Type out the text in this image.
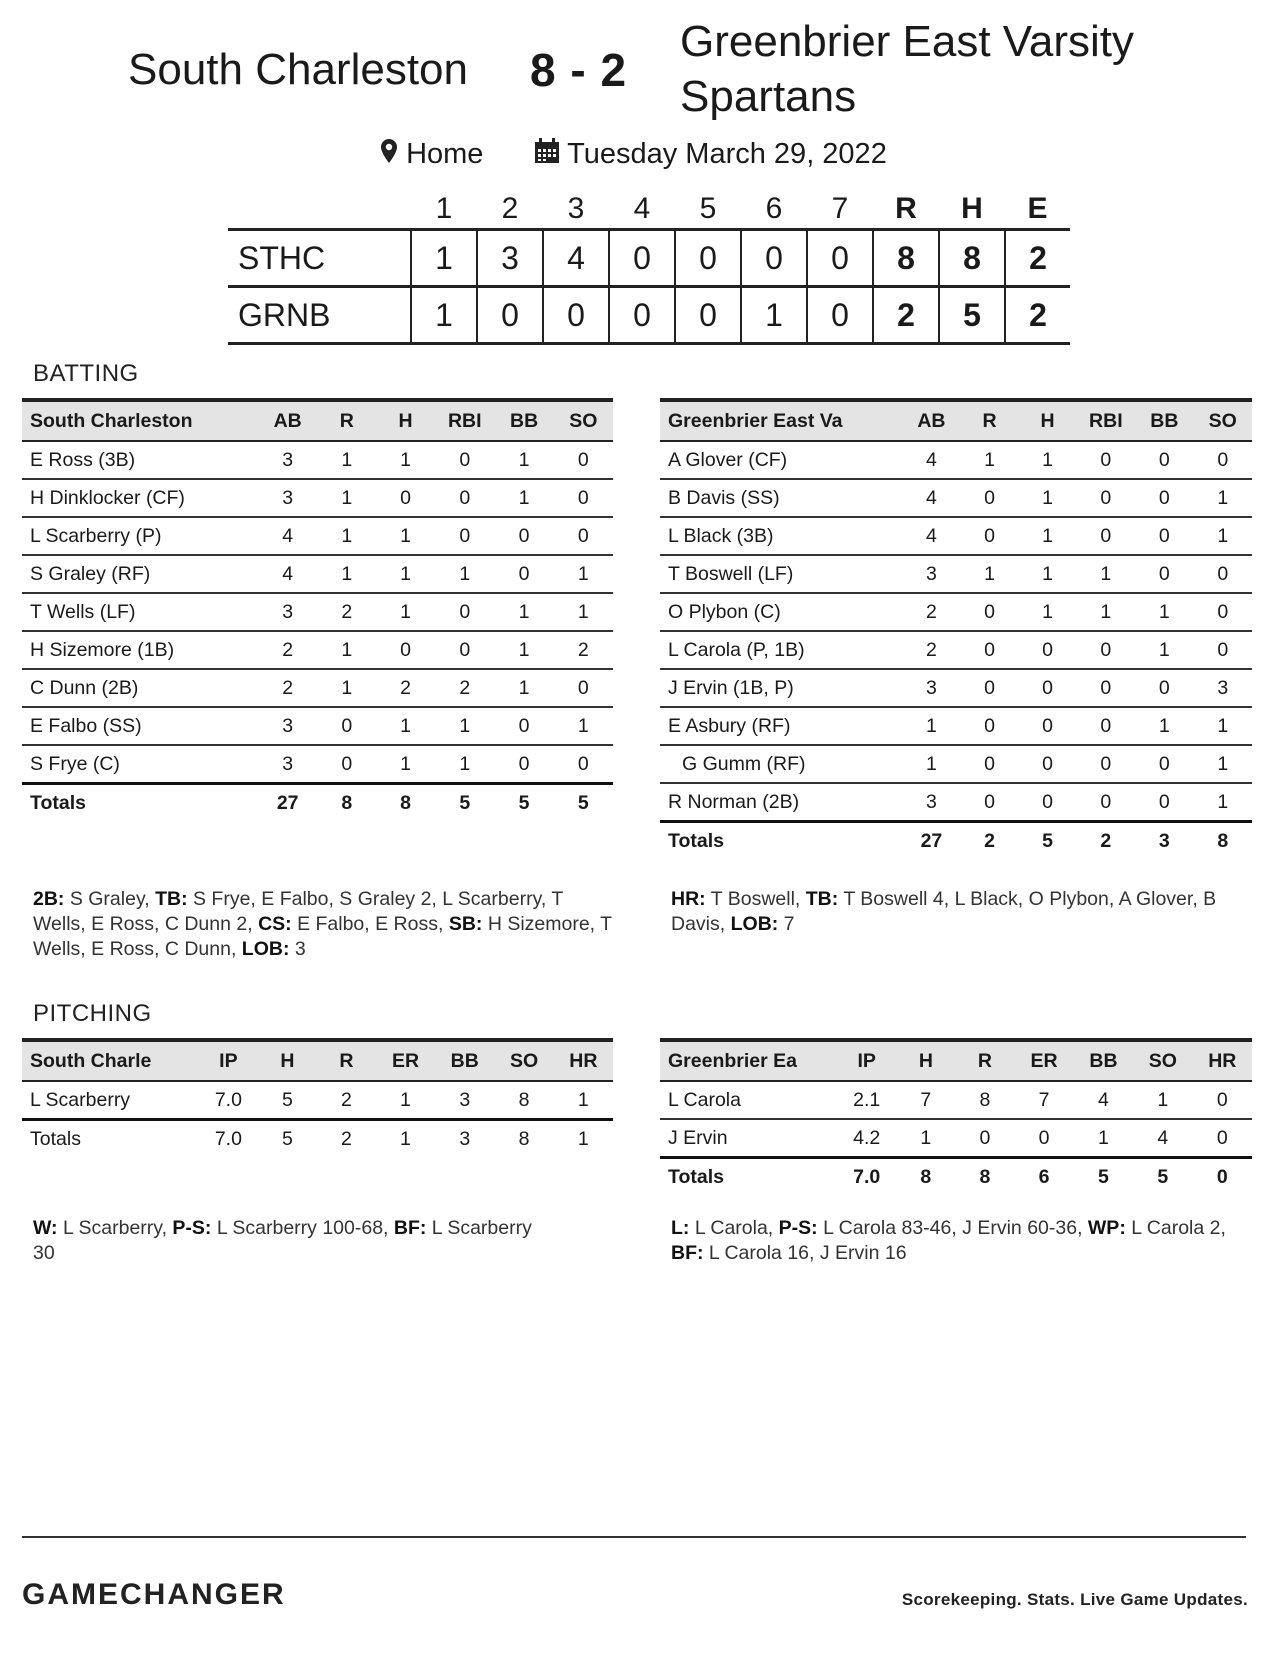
South Charleston 8 - 2
Greenbrier East Varsity Spartans
Home	Tuesday March 29, 2022
	1	2	3	4	5	6	7	R	H	E
STHC	1	3	4	0	0	0	0	8	8	2
GRNB	1	0	0	0	0	1	0	2	5	2
BATTING
South Charleston	AB	R	H	RBI	BB	SO
E Ross (3B)	3	1	1	0	1	0
H Dinklocker (CF)	3	1	0	0	1	0
L Scarberry (P)	4	1	1	0	0	0
S Graley (RF)	4	1	1	1	0	1
T Wells (LF)	3	2	1	0	1	1
H Sizemore (1B)	2	1	0	0	1	2
C Dunn (2B)	2	1	2	2	1	0
E Falbo (SS)	3	0	1	1	0	1
S Frye (C)	3	0	1	1	0	0
Totals	27	8	8	5	5	5
2B: S Graley, TB: S Frye, E Falbo, S Graley 2, L Scarberry, T Wells, E Ross, C Dunn 2, CS: E Falbo, E Ross, SB: H Sizemore, T Wells, E Ross, C Dunn, LOB: 3
Greenbrier East Va	AB	R	H	RBI	BB	SO
A Glover (CF)	4	1	1	0	0	0
B Davis (SS)	4	0	1	0	0	1
L Black (3B)	4	0	1	0	0	1
T Boswell (LF)	3	1	1	1	0	0
O Plybon (C)	2	0	1	1	1	0
L Carola (P, 1B)	2	0	0	0	1	0
J Ervin (1B, P)	3	0	0	0	0	3
E Asbury (RF)	1	0	0	0	1	1
G Gumm (RF)	1	0	0	0	0	1
R Norman (2B)	3	0	0	0	0	1
Totals	27	2	5	2	3	8
HR: T Boswell, TB: T Boswell 4, L Black, O Plybon, A Glover, B Davis, LOB: 7
PITCHING
South Charle	IP	H	R	ER	BB	SO	HR
L Scarberry	7.0	5	2	1	3	8	1
Totals	7.0	5	2	1	3	8	1
W: L Scarberry, P-S: L Scarberry 100-68, BF: L Scarberry 30
Greenbrier Ea	IP	H	R	ER	BB	SO	HR
L Carola	2.1	7	8	7	4	1	0
J Ervin	4.2	1	0	0	1	4	0
Totals	7.0	8	8	6	5	5	0
L: L Carola, P-S: L Carola 83-46, J Ervin 60-36, WP: L Carola 2, BF: L Carola 16, J Ervin 16
GAMECHANGER	Scorekeeping. Stats. Live Game Updates.
